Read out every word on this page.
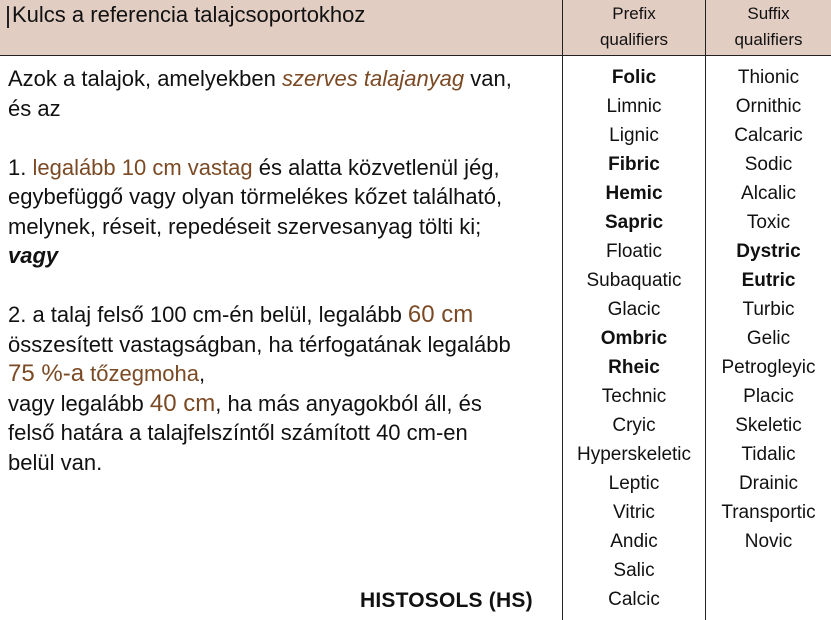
Kulcs a referencia talajcsoportokhoz	Prefix
qualifiers
Suffix
qualifiers

Azok a talajok, amelyekben szerves talajanyag van,

és az

1. legalább 10 cm vastag és alatta közvetlenül jég,

egybefüggő vagy olyan törmelékes kőzet található,

melynek, réseit, repedéseit szervesanyag tölti ki;

vagy

2. a talaj felső 100 cm-én belül, legalább 60 cm

összesített vastagságban, ha térfogatának legalább

75 %-a tőzegmoha,

vagy legalább 40 cm, ha más anyagokból áll, és

felső határa a talajfelszíntől számított 40 cm-en

belül van.

HISTOSOLS (HS)
Folic
Limnic
Lignic
Fibric
Hemic
Sapric
Floatic
Subaquatic
Glacic
Ombric
Rheic
Technic
Cryic
Hyperskeletic
Leptic
Vitric
Andic
Salic
Calcic
Thionic
Ornithic
Calcaric
Sodic
Alcalic
Toxic
Dystric
Eutric
Turbic
Gelic
Petrogleyic
Placic
Skeletic
Tidalic
Drainic
Transportic
Novic
